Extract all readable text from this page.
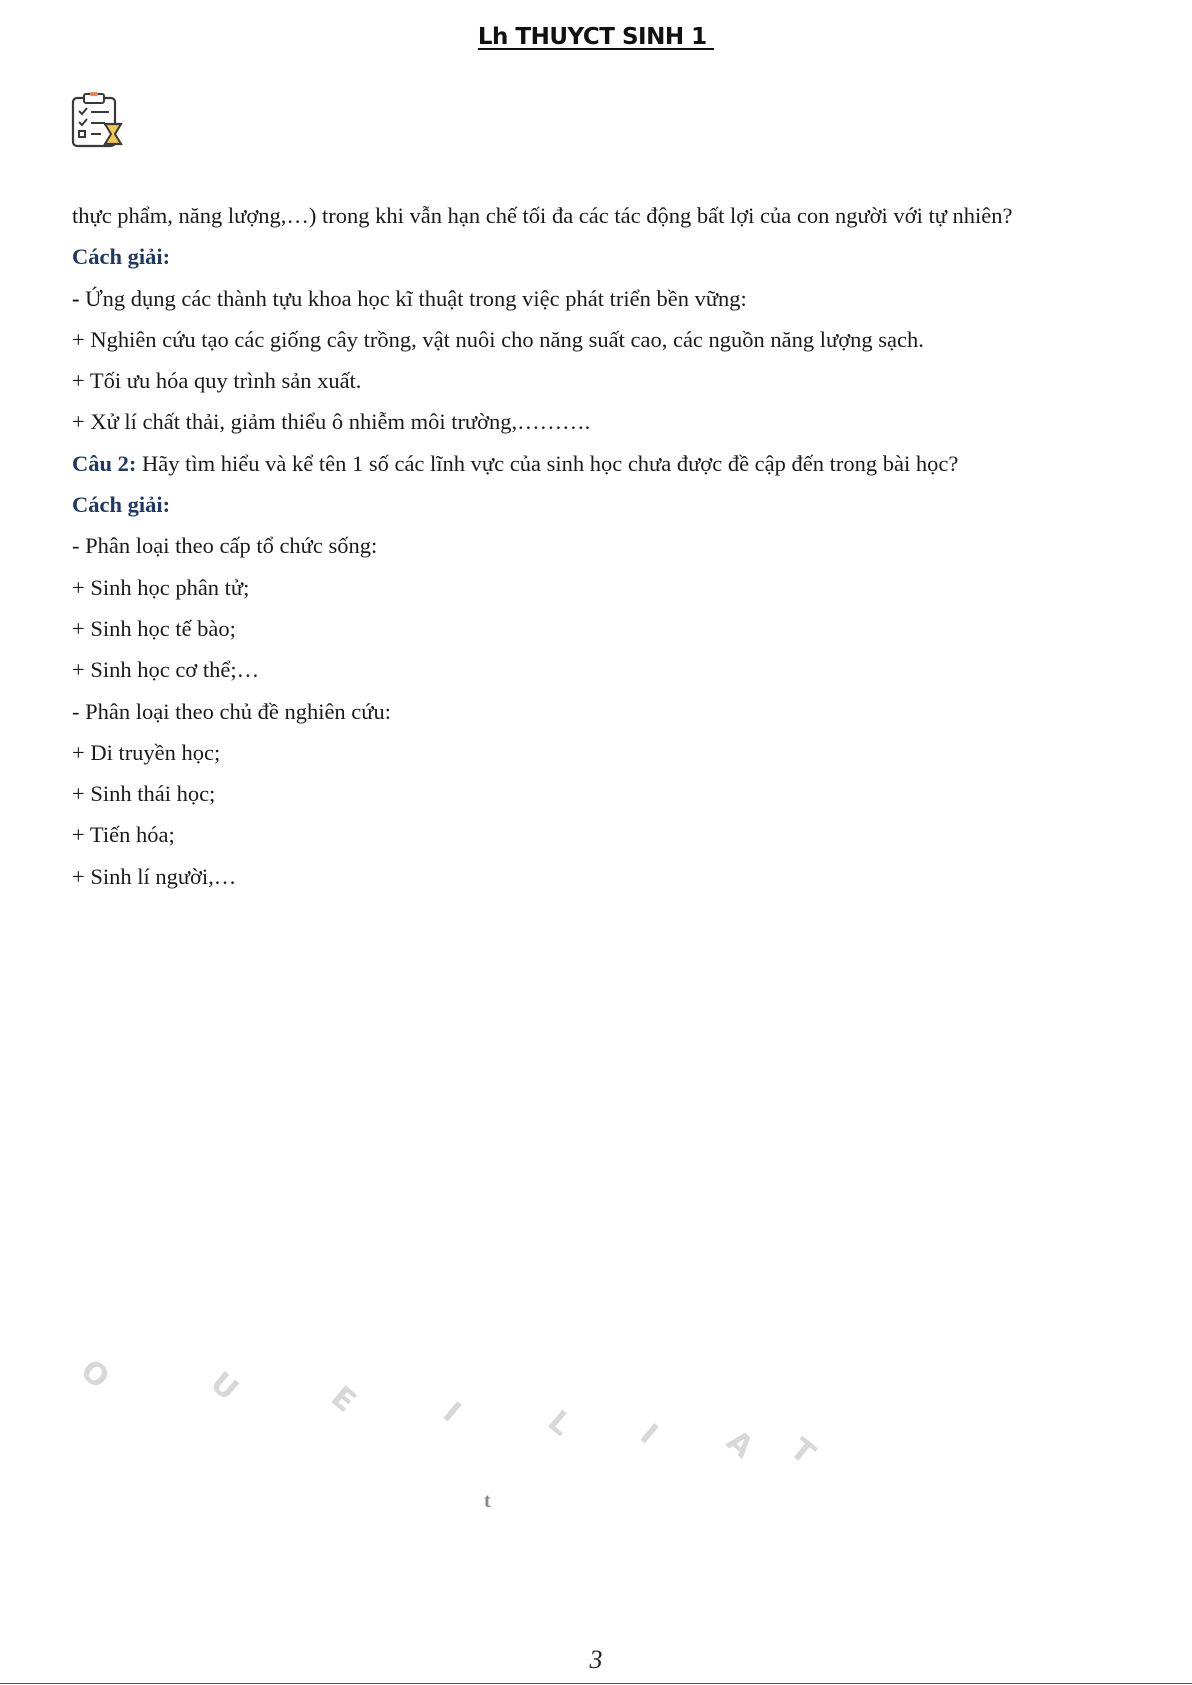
Lh THUYCT SINH 1

thực phẩm, năng lượng,…) trong khi vẫn hạn chế tối đa các tác động bất lợi của con người với tự nhiên?

Cách giải:

- Ứng dụng các thành tựu khoa học kĩ thuật trong việc phát triển bền vững:

+ Nghiên cứu tạo các giống cây trồng, vật nuôi cho năng suất cao, các nguồn năng lượng sạch.

+ Tối ưu hóa quy trình sản xuất.

+ Xử lí chất thải, giảm thiểu ô nhiễm môi trường,……….

Câu 2: Hãy tìm hiểu và kể tên 1 số các lĩnh vực của sinh học chưa được đề cập đến trong bài học?

Cách giải:

- Phân loại theo cấp tổ chức sống:

+ Sinh học phân tử;

+ Sinh học tế bào;

+ Sinh học cơ thể;…

- Phân loại theo chủ đề nghiên cứu:

+ Di truyền học;

+ Sinh thái học;

+ Tiến hóa;

+ Sinh lí người,…

O	U	E I L I A T
t
3
